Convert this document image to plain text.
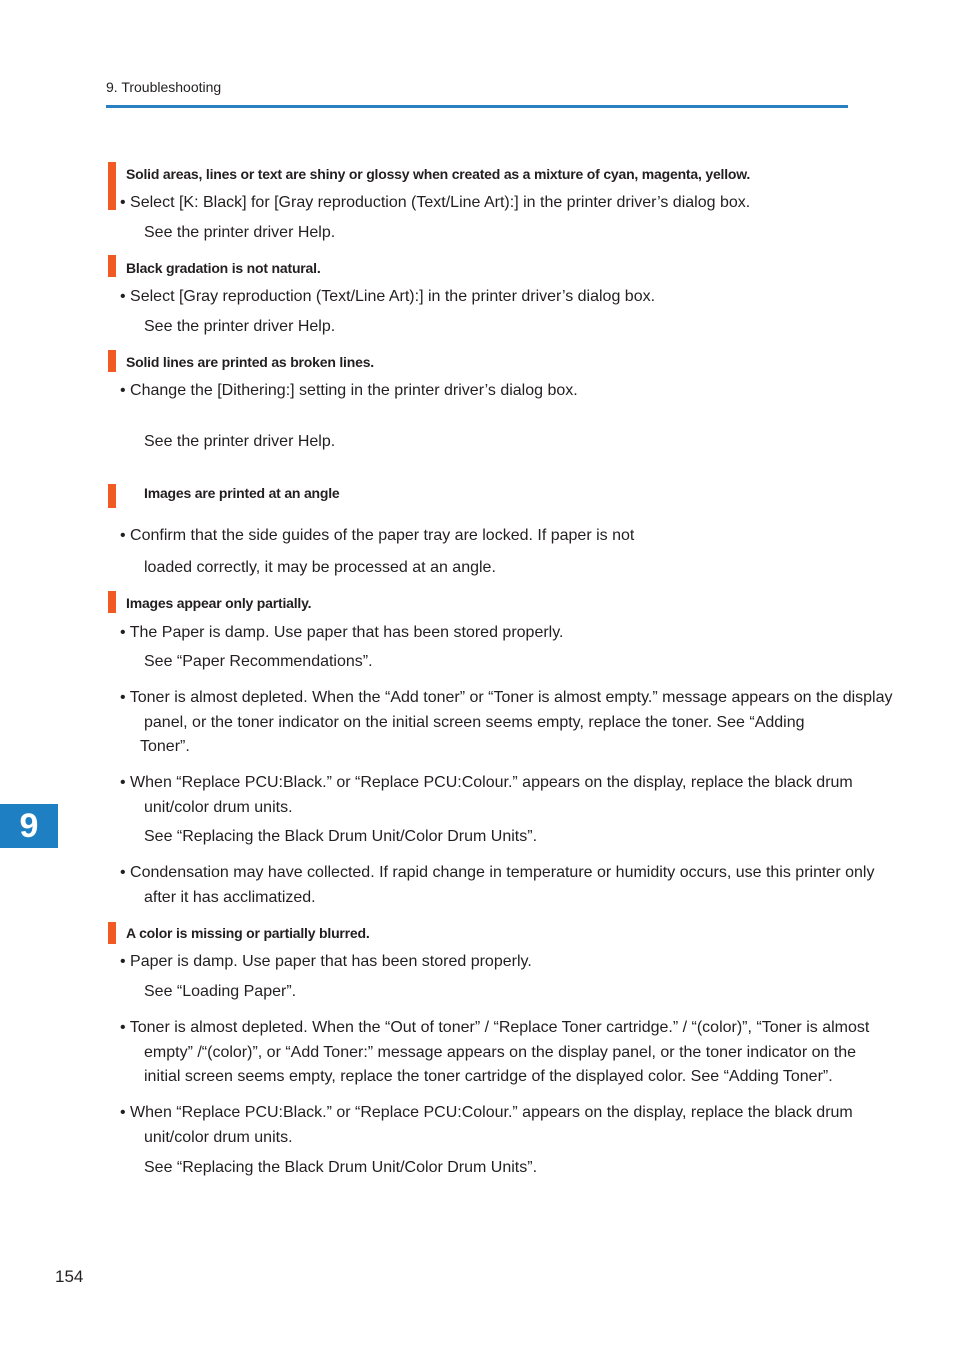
9. Troubleshooting
Solid areas, lines or text are shiny or glossy when created as a mixture of cyan, magenta, yellow.
• Select [K: Black] for [Gray reproduction (Text/Line Art):] in the printer driver’s dialog box.
See the printer driver Help.
Black gradation is not natural.
• Select [Gray reproduction (Text/Line Art):] in the printer driver’s dialog box.
See the printer driver Help.
Solid lines are printed as broken lines.
• Change the [Dithering:] setting in the printer driver’s dialog box.
See the printer driver Help.
Images are printed at an angle
• Confirm that the side guides of the paper tray are locked. If paper is not
loaded correctly, it may be processed at an angle.
Images appear only partially.
• The Paper is damp. Use paper that has been stored properly.
See “Paper Recommendations”.
• Toner is almost depleted. When the “Add toner” or “Toner is almost empty.” message appears on the display
panel, or the toner indicator on the initial screen seems empty, replace the toner. See “Adding
Toner”.
• When “Replace PCU:Black.” or “Replace PCU:Colour.” appears on the display, replace the black drum
unit/color drum units.
See “Replacing the Black Drum Unit/Color Drum Units”.
• Condensation may have collected. If rapid change in temperature or humidity occurs, use this printer only
after it has acclimatized.
A color is missing or partially blurred.
• Paper is damp. Use paper that has been stored properly.
See “Loading Paper”.
• Toner is almost depleted. When the “Out of toner” / “Replace Toner cartridge.” / “(color)”, “Toner is almost
empty” /“(color)”, or “Add Toner:” message appears on the display panel, or the toner indicator on the
initial screen seems empty, replace the toner cartridge of the displayed color. See “Adding Toner”.
• When “Replace PCU:Black.” or “Replace PCU:Colour.” appears on the display, replace the black drum
unit/color drum units.
See “Replacing the Black Drum Unit/Color Drum Units”.
9
154
